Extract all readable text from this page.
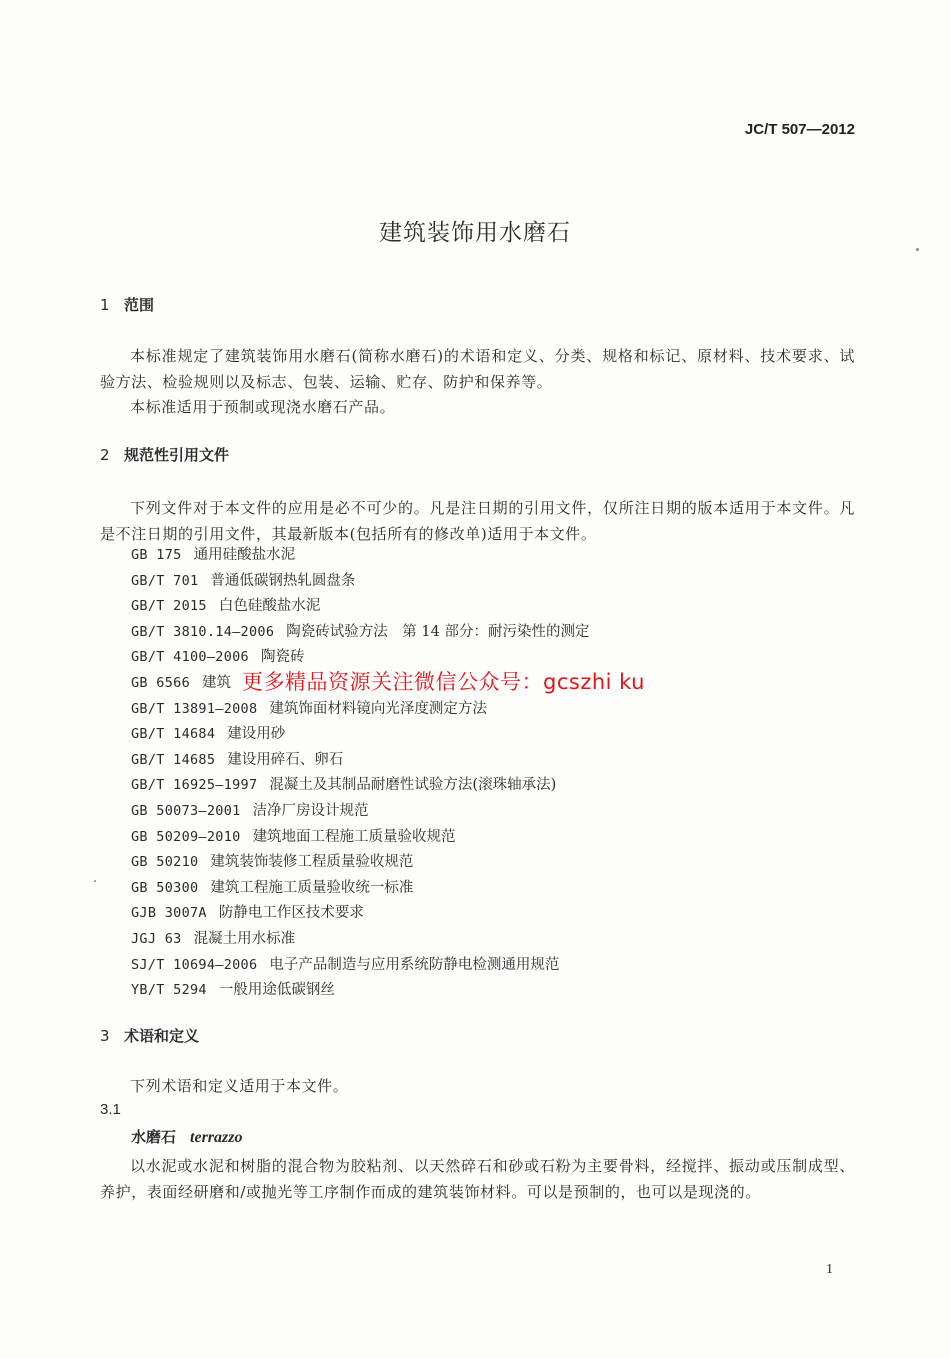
JC/T 507—2012
建筑装饰用水磨石
1 范围
本标准规定了建筑装饰用水磨石(简称水磨石)的术语和定义、分类、规格和标记、原材料、技术要求、试验方法、检验规则以及标志、包装、运输、贮存、防护和保养等。
本标准适用于预制或现浇水磨石产品。
2 规范性引用文件
下列文件对于本文件的应用是必不可少的。凡是注日期的引用文件，仅所注日期的版本适用于本文件。凡是不注日期的引用文件，其最新版本(包括所有的修改单)适用于本文件。
GB 175 通用硅酸盐水泥
GB/T 701 普通低碳钢热轧圆盘条
GB/T 2015 白色硅酸盐水泥
GB/T 3810.14—2006 陶瓷砖试验方法　第 14 部分：耐污染性的测定
GB/T 4100—2006 陶瓷砖
GB 6566 建筑
GB/T 13891—2008 建筑饰面材料镜向光泽度测定方法
GB/T 14684 建设用砂
GB/T 14685 建设用碎石、卵石
GB/T 16925—1997 混凝土及其制品耐磨性试验方法(滚珠轴承法)
GB 50073—2001 洁净厂房设计规范
GB 50209—2010 建筑地面工程施工质量验收规范
GB 50210 建筑装饰装修工程质量验收规范
GB 50300 建筑工程施工质量验收统一标准
GJB 3007A 防静电工作区技术要求
JGJ 63 混凝土用水标准
SJ/T 10694—2006 电子产品制造与应用系统防静电检测通用规范
YB/T 5294 一般用途低碳钢丝
更多精品资源关注微信公众号：gcszhi ku
3 术语和定义
下列术语和定义适用于本文件。
3.1
水磨石 terrazzo
以水泥或水泥和树脂的混合物为胶粘剂、以天然碎石和砂或石粉为主要骨料，经搅拌、振动或压制成型、养护，表面经研磨和/或抛光等工序制作而成的建筑装饰材料。可以是预制的，也可以是现浇的。
1
